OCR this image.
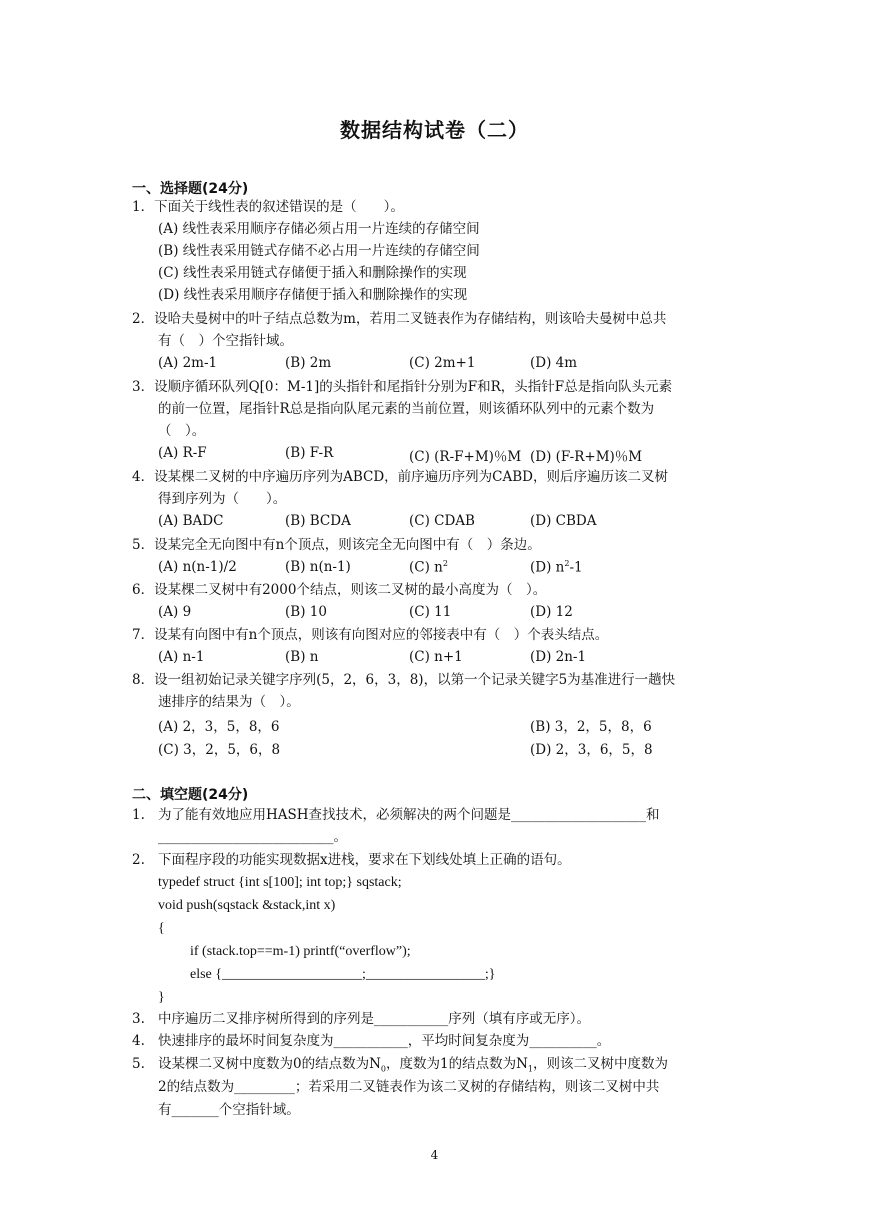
数据结构试卷（二）
一、选择题(24分)
1．下面关于线性表的叙述错误的是（　　）。
(A) 线性表采用顺序存储必须占用一片连续的存储空间
(B) 线性表采用链式存储不必占用一片连续的存储空间
(C) 线性表采用链式存储便于插入和删除操作的实现
(D) 线性表采用顺序存储便于插入和删除操作的实现
2．设哈夫曼树中的叶子结点总数为m，若用二叉链表作为存储结构，则该哈夫曼树中总共
有（　）个空指针域。
(A) 2m-1	(B) 2m	(C) 2m+1	(D) 4m
3．设顺序循环队列Q[0：M-1]的头指针和尾指针分别为F和R，头指针F总是指向队头元素
的前一位置，尾指针R总是指向队尾元素的当前位置，则该循环队列中的元素个数为
（　）。
(A) R-F	(B) F-R	(C) (R-F+M)％M (D) (F-R+M)％M
4．设某棵二叉树的中序遍历序列为ABCD，前序遍历序列为CABD，则后序遍历该二叉树
得到序列为（　　）。
(A) BADC	(B) BCDA	(C) CDAB	(D) CBDA
5．设某完全无向图中有n个顶点，则该完全无向图中有（　）条边。
(A) n(n-1)/2	(B) n(n-1)	(C) $n^2$	(D) $n^2-1$
6．设某棵二叉树中有2000个结点，则该二叉树的最小高度为（　）。
(A) 9	(B) 10	(C) 11	(D) 12
7．设某有向图中有n个顶点，则该有向图对应的邻接表中有（　）个表头结点。
(A) n-1	(B) n	(C) n+1	(D) 2n-1
8．设一组初始记录关键字序列(5，2，6，3，8)，以第一个记录关键字5为基准进行一趟快
速排序的结果为（　）。
(A) 2，3，5，8，6	(B) 3，2，5，8，6
(C) 3，2，5，6，8	(D) 2，3，6，5，8
二、填空题(24分)
1. 为了能有效地应用HASH查找技术，必须解决的两个问题是____________________和
__________________________。
2. 下面程序段的功能实现数据x进栈，要求在下划线处填上正确的语句。
typedef struct {int s[100]; int top;} sqstack;
void push(sqstack &stack,int x)
{
if (stack.top==m-1) printf(“overflow”);
else {____________________;_________________;}
}
3. 中序遍历二叉排序树所得到的序列是___________序列（填有序或无序）。
4. 快速排序的最坏时间复杂度为___________，平均时间复杂度为__________。
5. 设某棵二叉树中度数为0的结点数为$N_0$，度数为1的结点数为$N_1$，则该二叉树中度数为
2的结点数为_________；若采用二叉链表作为该二叉树的存储结构，则该二叉树中共
有_______个空指针域。
4
